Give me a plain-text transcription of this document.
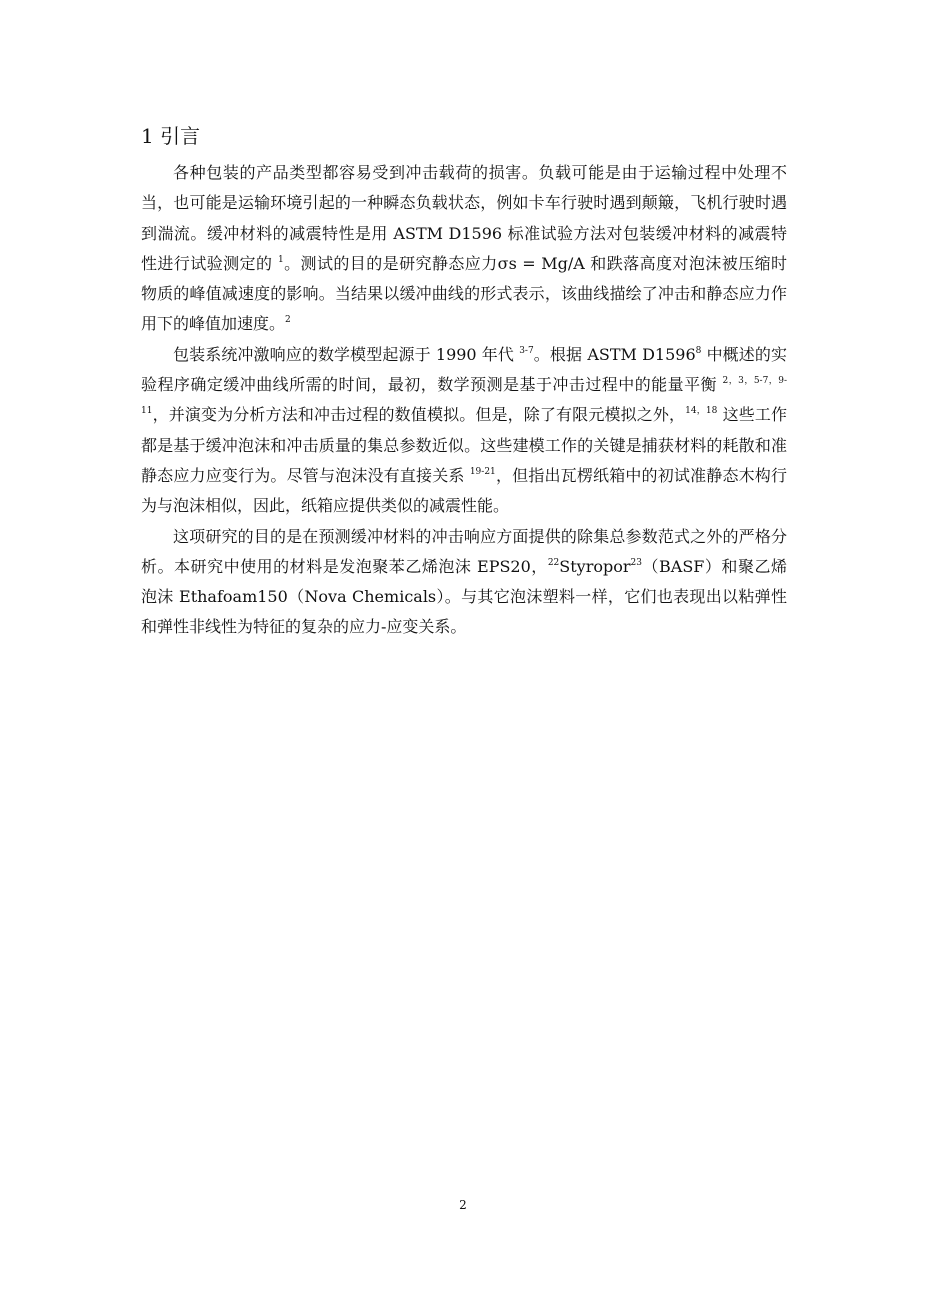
1 引言

各种包装的产品类型都容易受到冲击载荷的损害。负载可能是由于运输过程中处理不当，也可能是运输环境引起的一种瞬态负载状态，例如卡车行驶时遇到颠簸，飞机行驶时遇到湍流。缓冲材料的减震特性是用 ASTM D1596 标准试验方法对包装缓冲材料的减震特性进行试验测定的 $^1$。测试的目的是研究静态应力σs = Mg/A 和跌落高度对泡沫被压缩时物质的峰值减速度的影响。当结果以缓冲曲线的形式表示，该曲线描绘了冲击和静态应力作用下的峰值加速度。$^2$

包装系统冲激响应的数学模型起源于 1990 年代 $^{3-7}$。根据 ASTM D1596$^8$ 中概述的实验程序确定缓冲曲线所需的时间，最初，数学预测是基于冲击过程中的能量平衡 $^{2,3,5-7,9-11}$，并演变为分析方法和冲击过程的数值模拟。但是，除了有限元模拟之外，$^{14,18}$ 这些工作都是基于缓冲泡沫和冲击质量的集总参数近似。这些建模工作的关键是捕获材料的耗散和准静态应力应变行为。尽管与泡沫没有直接关系 $^{19-21}$，但指出瓦楞纸箱中的初试准静态木构行为与泡沫相似，因此，纸箱应提供类似的减震性能。

这项研究的目的是在预测缓冲材料的冲击响应方面提供的除集总参数范式之外的严格分析。本研究中使用的材料是发泡聚苯乙烯泡沫 EPS20，$^{22}$Styropor$^{23}$（BASF）和聚乙烯泡沫 Ethafoam150（Nova Chemicals）。与其它泡沫塑料一样，它们也表现出以粘弹性和弹性非线性为特征的复杂的应力-应变关系。

2
